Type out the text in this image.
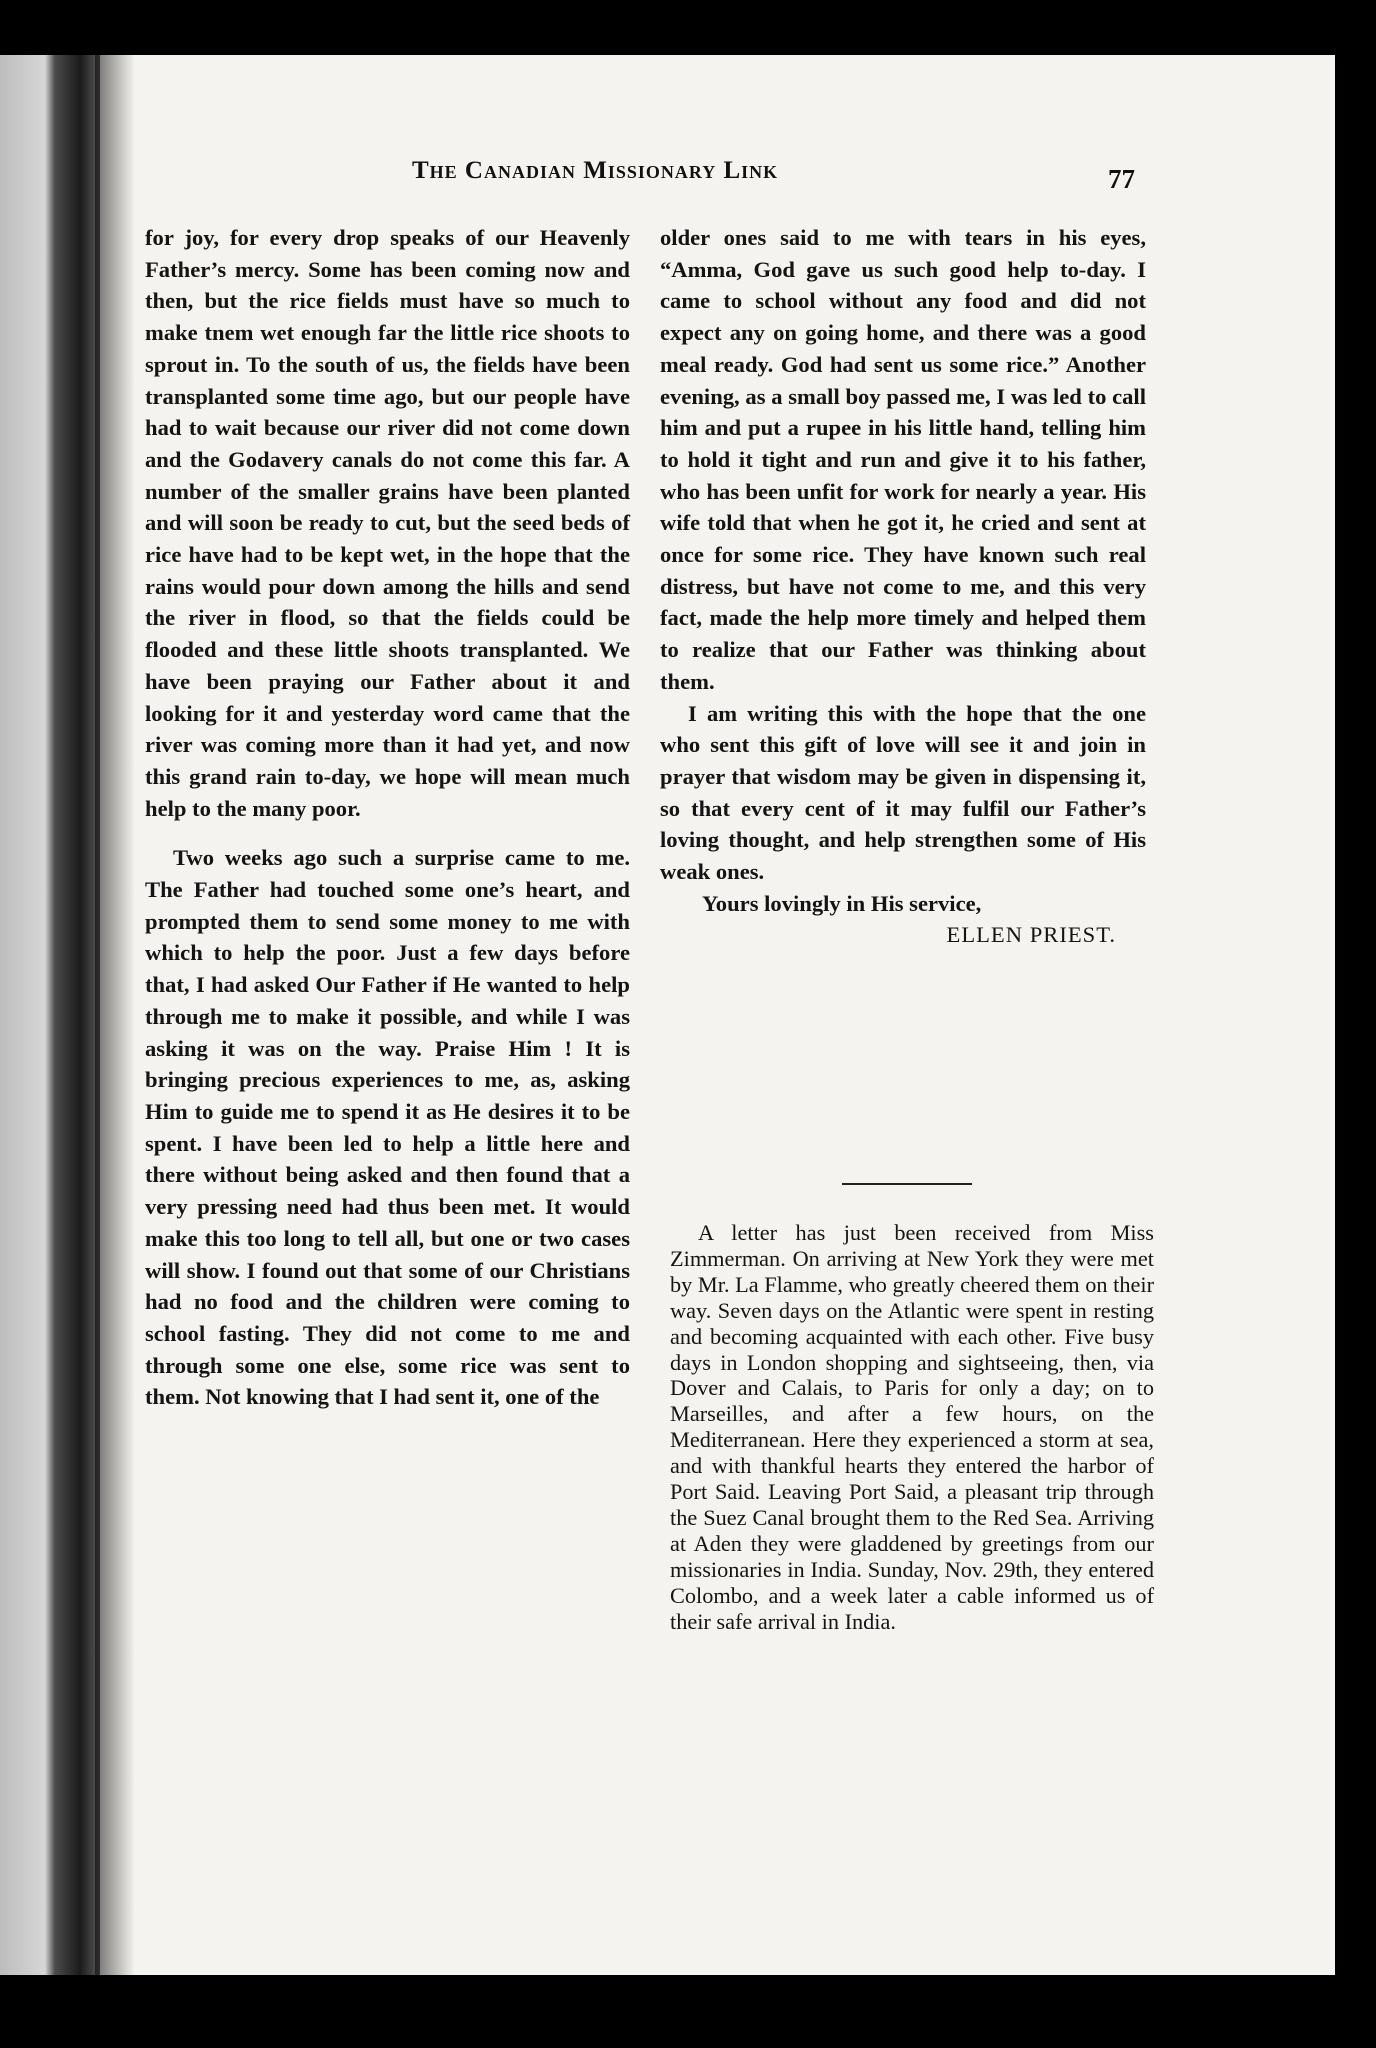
The Canadian Missionary Link	77

for joy, for every drop speaks of our Heavenly Father’s mercy. Some has been coming now and then, but the rice fields must have so much to make tnem wet enough far the little rice shoots to sprout in. To the south of us, the fields have been transplanted some time ago, but our people have had to wait because our river did not come down and the Godavery canals do not come this far. A number of the smaller grains have been planted and will soon be ready to cut, but the seed beds of rice have had to be kept wet, in the hope that the rains would pour down among the hills and send the river in flood, so that the fields could be flooded and these little shoots transplanted. We have been praying our Father about it and looking for it and yesterday word came that the river was coming more than it had yet, and now this grand rain to-day, we hope will mean much help to the many poor.

Two weeks ago such a surprise came to me. The Father had touched some one’s heart, and prompted them to send some money to me with which to help the poor. Just a few days before that, I had asked Our Father if He wanted to help through me to make it possible, and while I was asking it was on the way. Praise Him ! It is bringing precious experiences to me, as, asking Him to guide me to spend it as He desires it to be spent. I have been led to help a little here and there without being asked and then found that a very pressing need had thus been met. It would make this too long to tell all, but one or two cases will show. I found out that some of our Christians had no food and the children were coming to school fasting. They did not come to me and through some one else, some rice was sent to them. Not knowing that I had sent it, one of the

older ones said to me with tears in his eyes, “Amma, God gave us such good help to-day. I came to school without any food and did not expect any on going home, and there was a good meal ready. God had sent us some rice.” Another evening, as a small boy passed me, I was led to call him and put a rupee in his little hand, telling him to hold it tight and run and give it to his father, who has been unfit for work for nearly a year. His wife told that when he got it, he cried and sent at once for some rice. They have known such real distress, but have not come to me, and this very fact, made the help more timely and helped them to realize that our Father was thinking about them.

I am writing this with the hope that the one who sent this gift of love will see it and join in prayer that wisdom may be given in dispensing it, so that every cent of it may fulfil our Father’s loving thought, and help strengthen some of His weak ones.

Yours lovingly in His service,

ELLEN PRIEST.

A letter has just been received from Miss Zimmerman. On arriving at New York they were met by Mr. La Flamme, who greatly cheered them on their way. Seven days on the Atlantic were spent in resting and becoming acquainted with each other. Five busy days in London shopping and sightseeing, then, via Dover and Calais, to Paris for only a day; on to Marseilles, and after a few hours, on the Mediterranean. Here they experienced a storm at sea, and with thankful hearts they entered the harbor of Port Said. Leaving Port Said, a pleasant trip through the Suez Canal brought them to the Red Sea. Arriving at Aden they were gladdened by greetings from our missionaries in India. Sunday, Nov. 29th, they entered Colombo, and a week later a cable informed us of their safe arrival in India.
